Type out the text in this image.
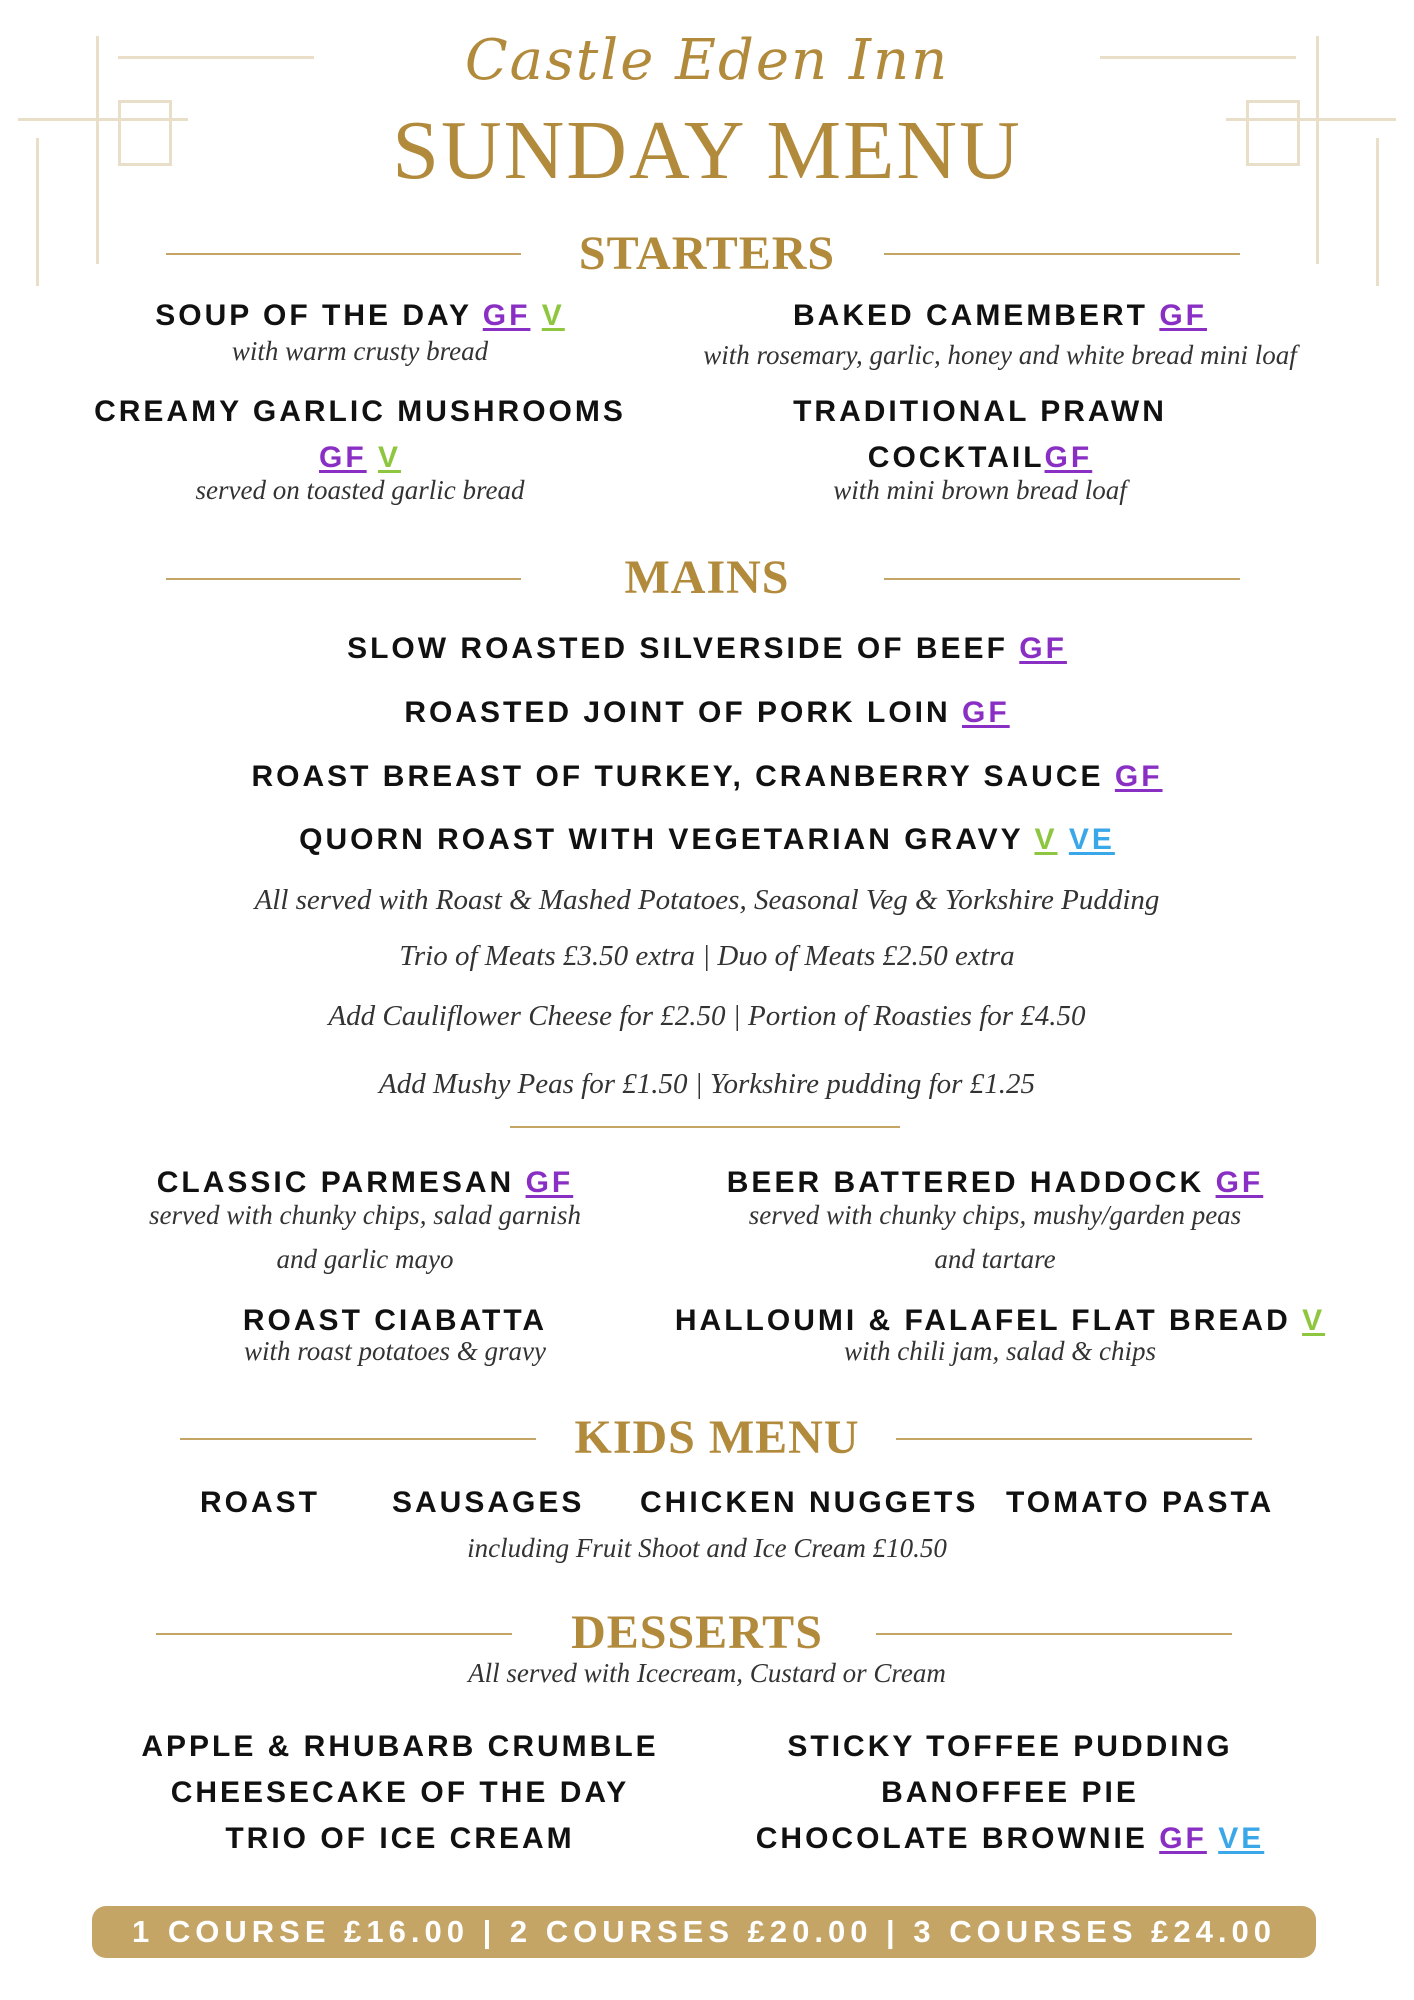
Castle Eden Inn
SUNDAY MENU
STARTERS
SOUP OF THE DAY GF V
with warm crusty bread
BAKED CAMEMBERT GF
with rosemary, garlic, honey and white bread mini loaf
CREAMY GARLIC MUSHROOMS
GF V
served on toasted garlic bread
TRADITIONAL PRAWN
COCKTAILGF
with mini brown bread loaf
MAINS
SLOW ROASTED SILVERSIDE OF BEEF GF
ROASTED JOINT OF PORK LOIN GF
ROAST BREAST OF TURKEY, CRANBERRY SAUCE GF
QUORN ROAST WITH VEGETARIAN GRAVY V VE
All served with Roast & Mashed Potatoes, Seasonal Veg & Yorkshire Pudding
Trio of Meats £3.50 extra | Duo of Meats £2.50 extra
Add Cauliflower Cheese for £2.50 | Portion of Roasties for £4.50
Add Mushy Peas for £1.50 | Yorkshire pudding for £1.25
CLASSIC PARMESAN GF
served with chunky chips, salad garnish
and garlic mayo
BEER BATTERED HADDOCK GF
served with chunky chips, mushy/garden peas
and tartare
ROAST CIABATTA
with roast potatoes & gravy
HALLOUMI & FALAFEL FLAT BREAD V
with chili jam, salad & chips
KIDS MENU
ROAST SAUSAGES CHICKEN NUGGETS TOMATO PASTA
including Fruit Shoot and Ice Cream £10.50
DESSERTS
All served with Icecream, Custard or Cream
APPLE & RHUBARB CRUMBLE
CHEESECAKE OF THE DAY
TRIO OF ICE CREAM
STICKY TOFFEE PUDDING
BANOFFEE PIE
CHOCOLATE BROWNIE GF VE
1 COURSE £16.00 | 2 COURSES £20.00 | 3 COURSES £24.00
